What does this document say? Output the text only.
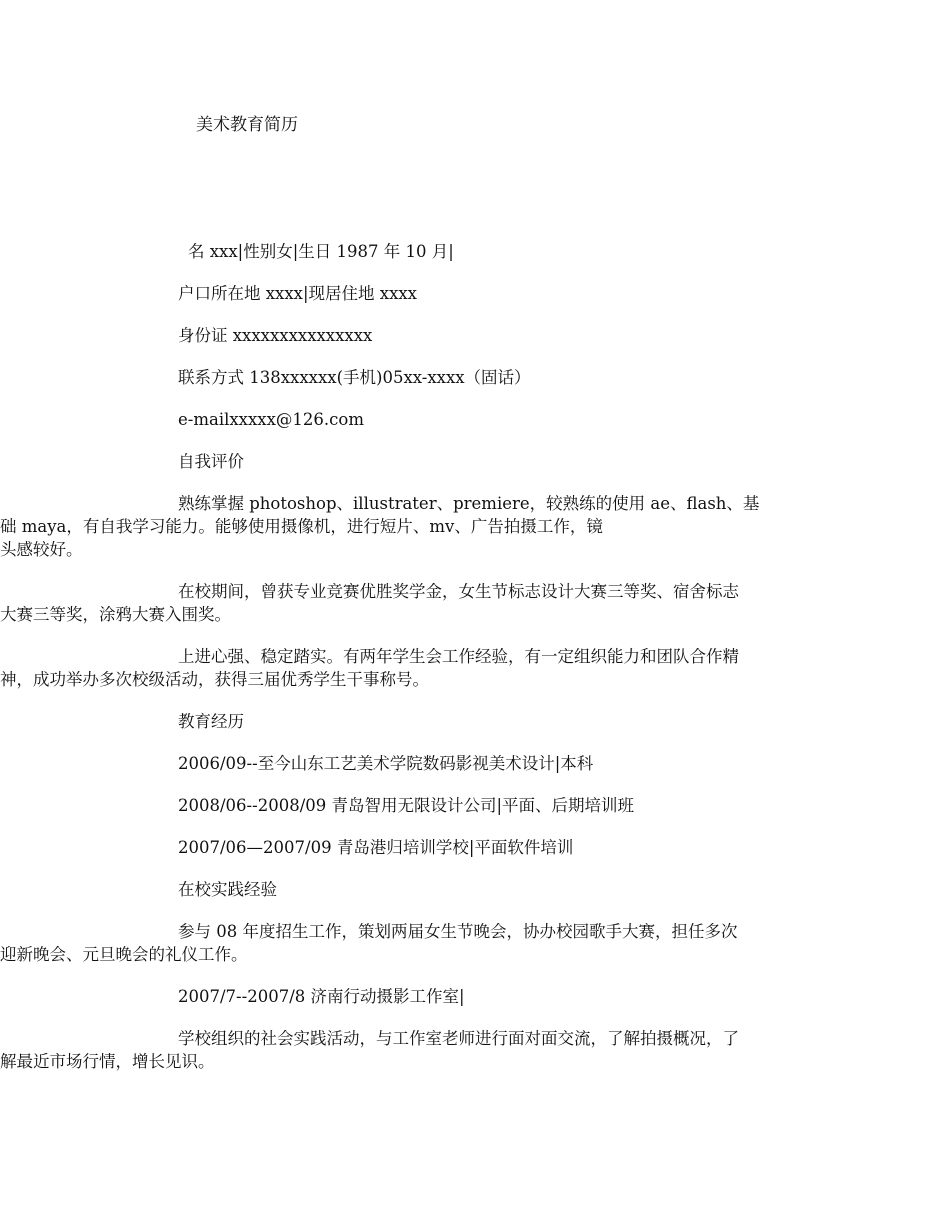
美术教育简历

名 xxx|性别女|生日 1987 年 10 月|

户口所在地 xxxx|现居住地 xxxx

身份证 xxxxxxxxxxxxxxx

联系方式 138xxxxxx(手机)05xx-xxxx（固话）

e-mailxxxxx@126.com

自我评价

熟练掌握 photoshop、illustrater、premiere，较熟练的使用 ae、flash、基
础 maya，有自我学习能力。能够使用摄像机，进行短片、mv、广告拍摄工作，镜
头感较好。
在校期间，曾获专业竞赛优胜奖学金，女生节标志设计大赛三等奖、宿舍标志
大赛三等奖，涂鸦大赛入围奖。
上进心强、稳定踏实。有两年学生会工作经验，有一定组织能力和团队合作精
神，成功举办多次校级活动，获得三届优秀学生干事称号。

教育经历

2006/09--至今山东工艺美术学院数码影视美术设计|本科

2008/06--2008/09 青岛智用无限设计公司|平面、后期培训班

2007/06—2007/09 青岛港归培训学校|平面软件培训

在校实践经验

参与 08 年度招生工作，策划两届女生节晚会，协办校园歌手大赛，担任多次
迎新晚会、元旦晚会的礼仪工作。

2007/7--2007/8 济南行动摄影工作室|

学校组织的社会实践活动，与工作室老师进行面对面交流，了解拍摄概况，了
解最近市场行情，增长见识。
